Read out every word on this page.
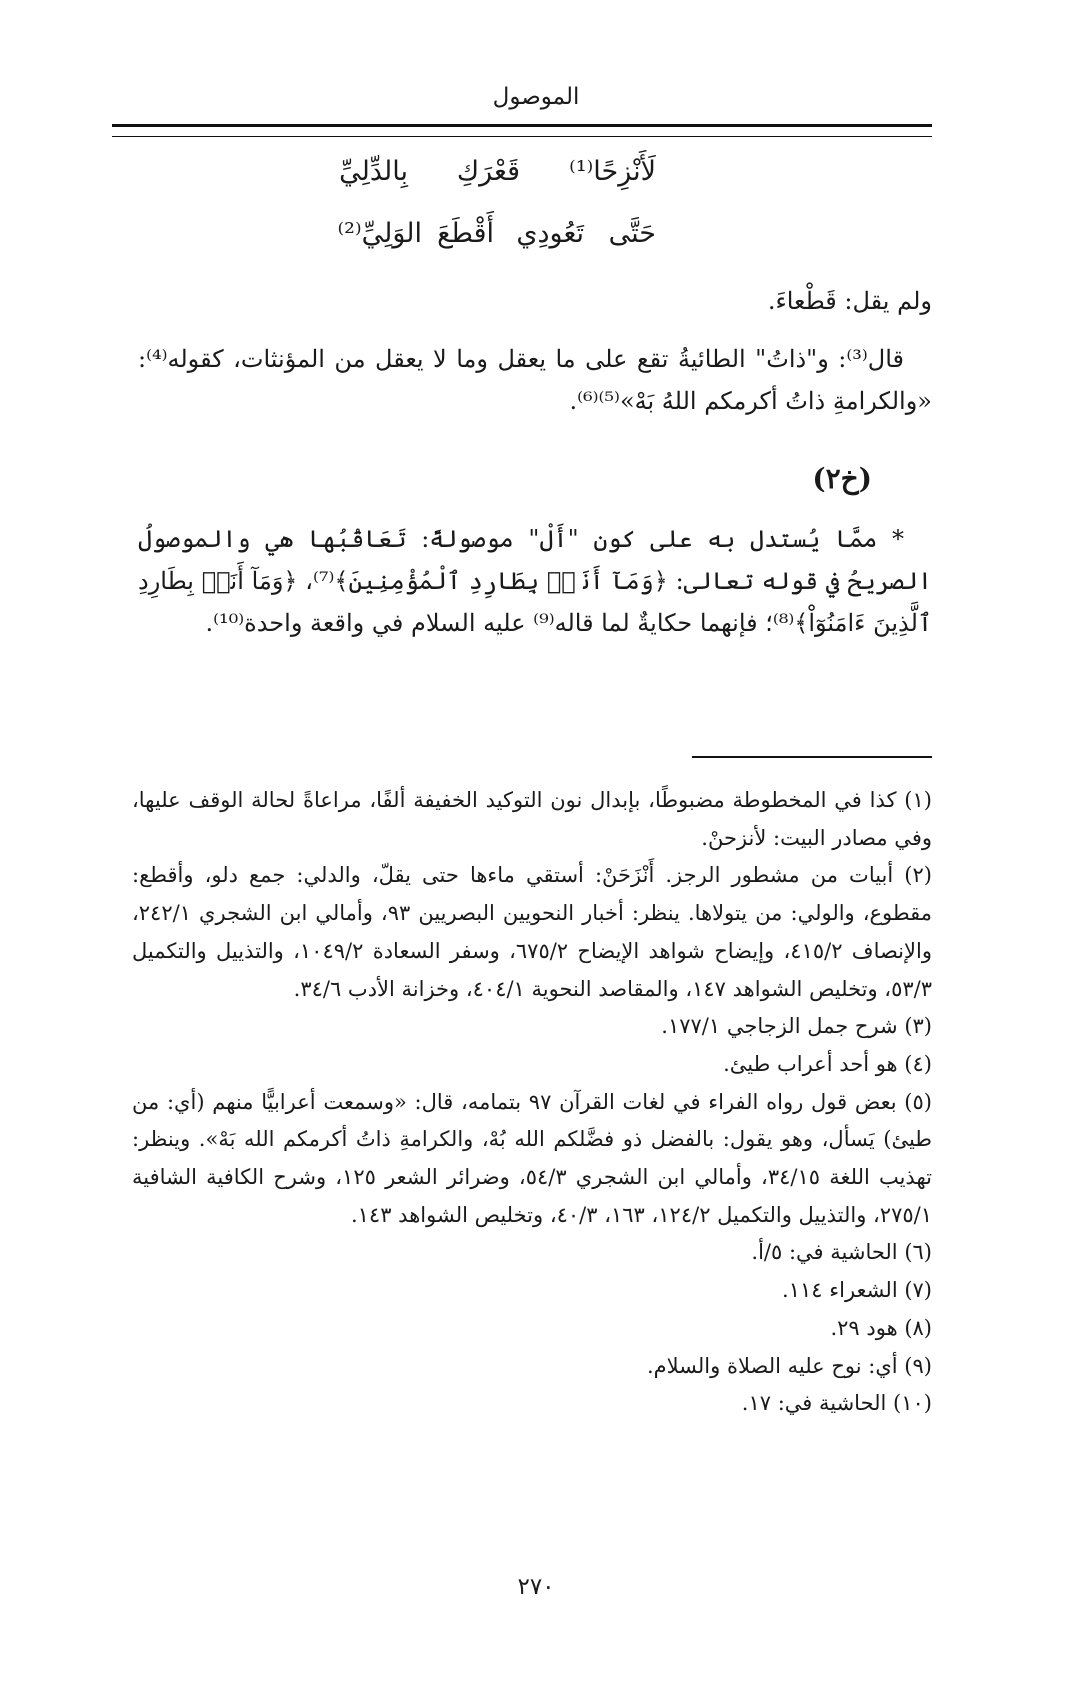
الموصول
لَأَنْزِحًا⁽¹⁾
قَعْرَكِ
بِالدِّلِيِّ
حَتَّى
تَعُودِي
أَقْطَعَ
الوَلِيِّ⁽²⁾
ولم يقل: قَطْعاءَ.
قال⁽³⁾: و"ذاتُ" الطائيةُ تقع على ما يعقل وما لا يعقل من المؤنثات، كقوله⁽⁴⁾: «والكرامةِ ذاتُ أكرمكم اللهُ بَهْ»⁽⁵⁾⁽⁶⁾.
(خ٢)
* ممَّا يُستدل به على كون "أَلْ" موصولةً: تَعَاقُبُها هي والموصولُ الصريحُ في قوله تعالى: ﴿وَمَآ أَنَا۠ بِطَارِدِ ٱلْمُؤْمِنِينَ﴾⁽⁷⁾، ﴿وَمَآ أَنَا۠ بِطَارِدِ ٱلَّذِينَ ءَامَنُوٓاْ﴾⁽⁸⁾؛ فإنهما حكايةٌ لما قاله⁽⁹⁾ عليه السلام في واقعة واحدة⁽¹⁰⁾.

(١) كذا في المخطوطة مضبوطًا، بإبدال نون التوكيد الخفيفة ألفًا، مراعاةً لحالة الوقف عليها، وفي مصادر البيت: لأنزحنْ.

(٢) أبيات من مشطور الرجز. أَنْزَحَنْ: أستقي ماءها حتى يقلّ، والدلي: جمع دلو، وأقطع: مقطوع، والولي: من يتولاها. ينظر: أخبار النحويين البصريين ٩٣، وأمالي ابن الشجري ٢٤٢/١، والإنصاف ٤١٥/٢، وإيضاح شواهد الإيضاح ٦٧٥/٢، وسفر السعادة ١٠٤٩/٢، والتذييل والتكميل ٥٣/٣، وتخليص الشواهد ١٤٧، والمقاصد النحوية ٤٠٤/١، وخزانة الأدب ٣٤/٦.

(٣) شرح جمل الزجاجي ١٧٧/١.

(٤) هو أحد أعراب طيئ.

(٥) بعض قول رواه الفراء في لغات القرآن ٩٧ بتمامه، قال: «وسمعت أعرابيًّا منهم (أي: من طيئ) يَسأل، وهو يقول: بالفضل ذو فضَّلكم الله بُهْ، والكرامةِ ذاتُ أكرمكم الله بَهْ». وينظر: تهذيب اللغة ٣٤/١٥، وأمالي ابن الشجري ٥٤/٣، وضرائر الشعر ١٢٥، وشرح الكافية الشافية ٢٧٥/١، والتذييل والتكميل ١٢٤/٢، ١٦٣، ٤٠/٣، وتخليص الشواهد ١٤٣.

(٦) الحاشية في: ٥/أ.

(٧) الشعراء ١١٤.

(٨) هود ٢٩.

(٩) أي: نوح عليه الصلاة والسلام.

(١٠) الحاشية في: ١٧.

٢٧٠
